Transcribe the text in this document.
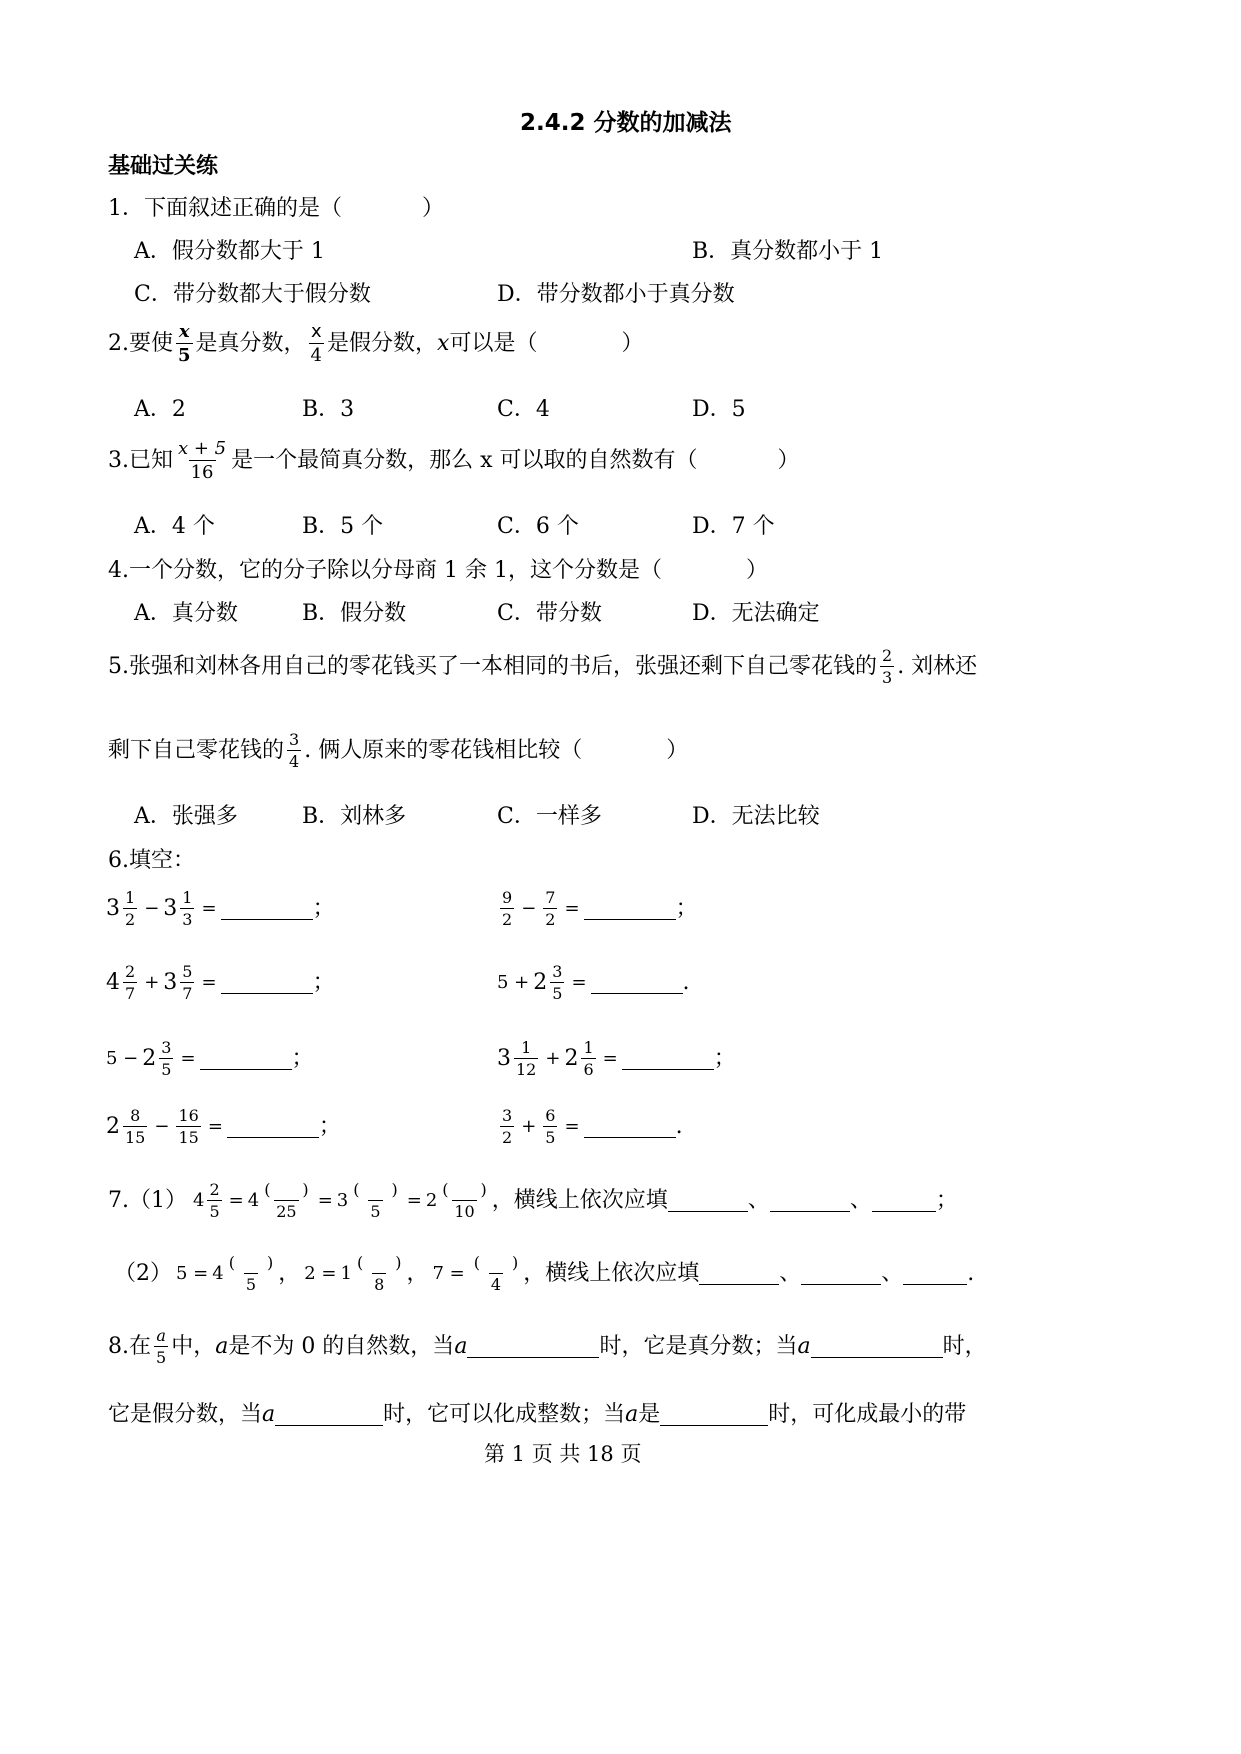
2.4.2 分数的加减法
基础过关练
1．下面叙述正确的是（	）
A．假分数都大于 1	B．真分数都小于 1
C．带分数都大于假分数	D．带分数都小于真分数
2.要使 $\frac{x}{5}$ 是真分数， $\frac{x}{4}$ 是假分数， x 可以是（	）
A．2	B．3	C．4	D．5
3.已知 $\frac{x + 5}{16}$ 是一个最简真分数，那么 x 可以取的自然数有（	）
A．4 个	B．5 个	C．6 个	D．7 个
4.一个分数，它的分子除以分母商 1 余 1，这个分数是（	）
A．真分数	B．假分数	C．带分数	D．无法确定
5.张强和刘林各用自己的零花钱买了一本相同的书后，张强还剩下自己零花钱的 $\frac{2}{3}$ . 刘林还
剩下自己零花钱的 $\frac{3}{4}$ . 俩人原来的零花钱相比较（	）
A．张强多	B．刘林多	C．一样多	D．无法比较
6.填空：
$3 \frac{1}{2} - 3 \frac{1}{3}$ =	；	$\frac{9}{2} - \frac{7}{2}$ =	；
$4 \frac{2}{7} + 3 \frac{5}{7}$ =	；	$5 + 2 \frac{3}{5}$ =	.
$5 - 2 \frac{3}{5}$ =	；	$3 \frac{1}{12} + 2 \frac{1}{6}$ =	；
$2 \frac{8}{15} - \frac{16}{15}$ =	；	$\frac{3}{2} + \frac{6}{5}$ =	.
7.（1） $4 \frac{2}{5} = 4 \frac{( )}{25} = 3 \frac{( )}{5} = 2 \frac{( )}{10}$ ，横线上依次应填	、	、	；
（2） $5 = 4 \frac{( )}{5}$ ， $2 = 1 \frac{( )}{8}$ ， $7 = \frac{( )}{4}$ ，横线上依次应填	、	、	.
8.在 $\frac{a}{5}$ 中， a 是不为 0 的自然数，当 a	时，它是真分数；当 a	时，
它是假分数，当 a	时，它可以化成整数；当 a 是	时，可化成最小的带
第 1 页 共 18 页
